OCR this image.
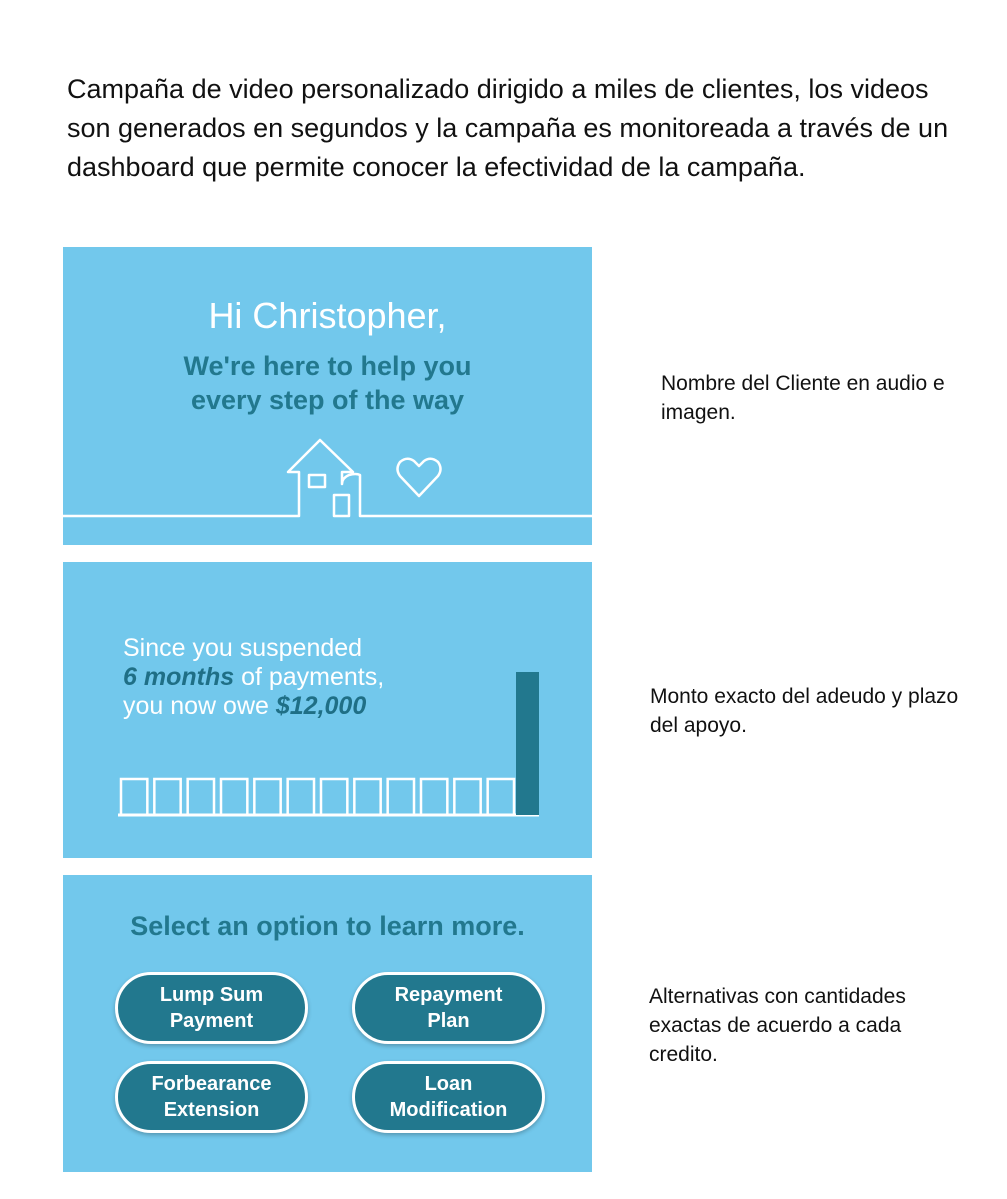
Campaña de video personalizado dirigido a miles de clientes, los videos son generados en segundos y la campaña es monitoreada a través de un dashboard que permite conocer la efectividad de la campaña.

Hi Christopher,
We're here to help you
every step of the way

Nombre del Cliente en audio e imagen.

Since you suspended
6 months of payments,
you now owe $12,000	Monto exacto del adeudo y plazo del apoyo.

Select an option to learn more.
Lump Sum
Payment
Repayment
Plan
Forbearance
Extension
Loan
Modification

Alternativas con cantidades exactas de acuerdo a cada credito.
